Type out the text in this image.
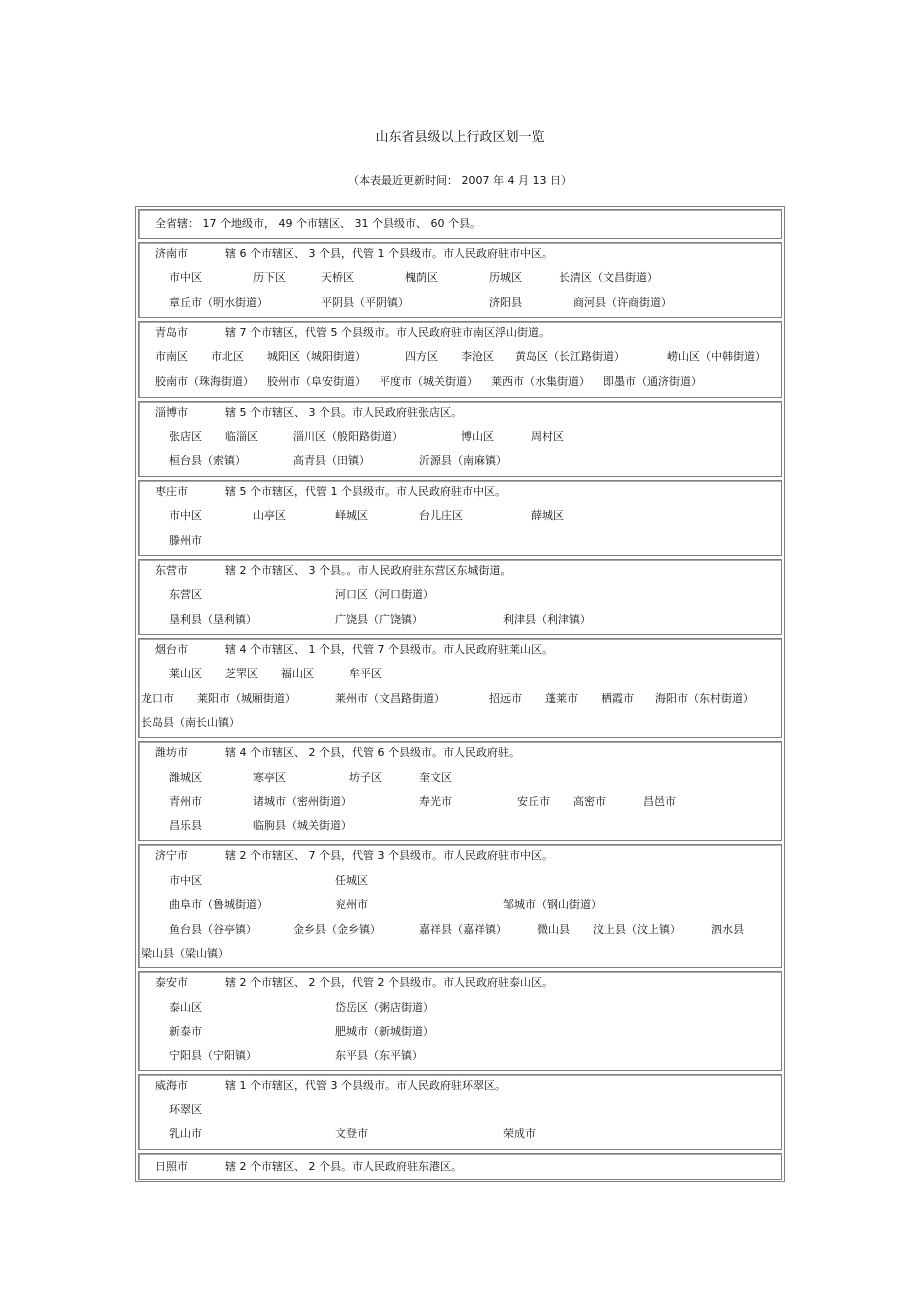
山东省县级以上行政区划一览
（本表最近更新时间： 2007 年 4 月 13 日）
全省辖： 17 个地级市， 49 个市辖区、 31 个县级市、 60 个县。
济南市	辖 6 个市辖区、 3 个县，代管 1 个县级市。市人民政府驻市中区。
市中区	历下区	天桥区	槐荫区	历城区	长清区（文昌街道）
章丘市（明水街道）	平阴县（平阴镇）	济阳县	商河县（许商街道）
青岛市	辖 7 个市辖区，代管 5 个县级市。市人民政府驻市南区浮山街道。
市南区 市北区 城阳区（城阳街道）	四方区 李沧区 黄岛区（长江路街道）	崂山区（中韩街道）
胶南市（珠海街道） 胶州市（阜安街道） 平度市（城关街道） 莱西市（水集街道） 即墨市（通济街道）
淄博市	辖 5 个市辖区、 3 个县。市人民政府驻张店区。
张店区 临淄区	淄川区（般阳路街道）	博山区	周村区
桓台县（索镇）	高青县（田镇）	沂源县（南麻镇）
枣庄市	辖 5 个市辖区，代管 1 个县级市。市人民政府驻市中区。
市中区	山亭区	峄城区	台儿庄区	薛城区
滕州市
东营市	辖 2 个市辖区、 3 个县。。市人民政府驻东营区东城街道。
东营区	河口区（河口街道）
垦利县（垦利镇）	广饶县（广饶镇）	利津县（利津镇）
烟台市	辖 4 个市辖区、 1 个县，代管 7 个县级市。市人民政府驻莱山区。
莱山区 芝罘区 福山区	牟平区
龙口市 莱阳市（城厢街道）	莱州市（文昌路街道）	招远市 蓬莱市 栖霞市 海阳市（东村街道）
长岛县（南长山镇）
潍坊市	辖 4 个市辖区、 2 个县，代管 6 个县级市。市人民政府驻。
潍城区	寒亭区	坊子区	奎文区
青州市	诸城市（密州街道）	寿光市	安丘市 高密市	昌邑市
昌乐县	临朐县（城关街道）
济宁市	辖 2 个市辖区、 7 个县，代管 3 个县级市。市人民政府驻市中区。
市中区	任城区
曲阜市（鲁城街道）	兖州市	邹城市（钢山街道）
鱼台县（谷亭镇）	金乡县（金乡镇）	嘉祥县（嘉祥镇）	微山县 汶上县（汶上镇）	泗水县
梁山县（梁山镇）
泰安市	辖 2 个市辖区、 2 个县，代管 2 个县级市。市人民政府驻泰山区。
泰山区	岱岳区（粥店街道）
新泰市	肥城市（新城街道）
宁阳县（宁阳镇）	东平县（东平镇）
威海市	辖 1 个市辖区，代管 3 个县级市。市人民政府驻环翠区。
环翠区
乳山市	文登市	荣成市
日照市	辖 2 个市辖区、 2 个县。市人民政府驻东港区。
